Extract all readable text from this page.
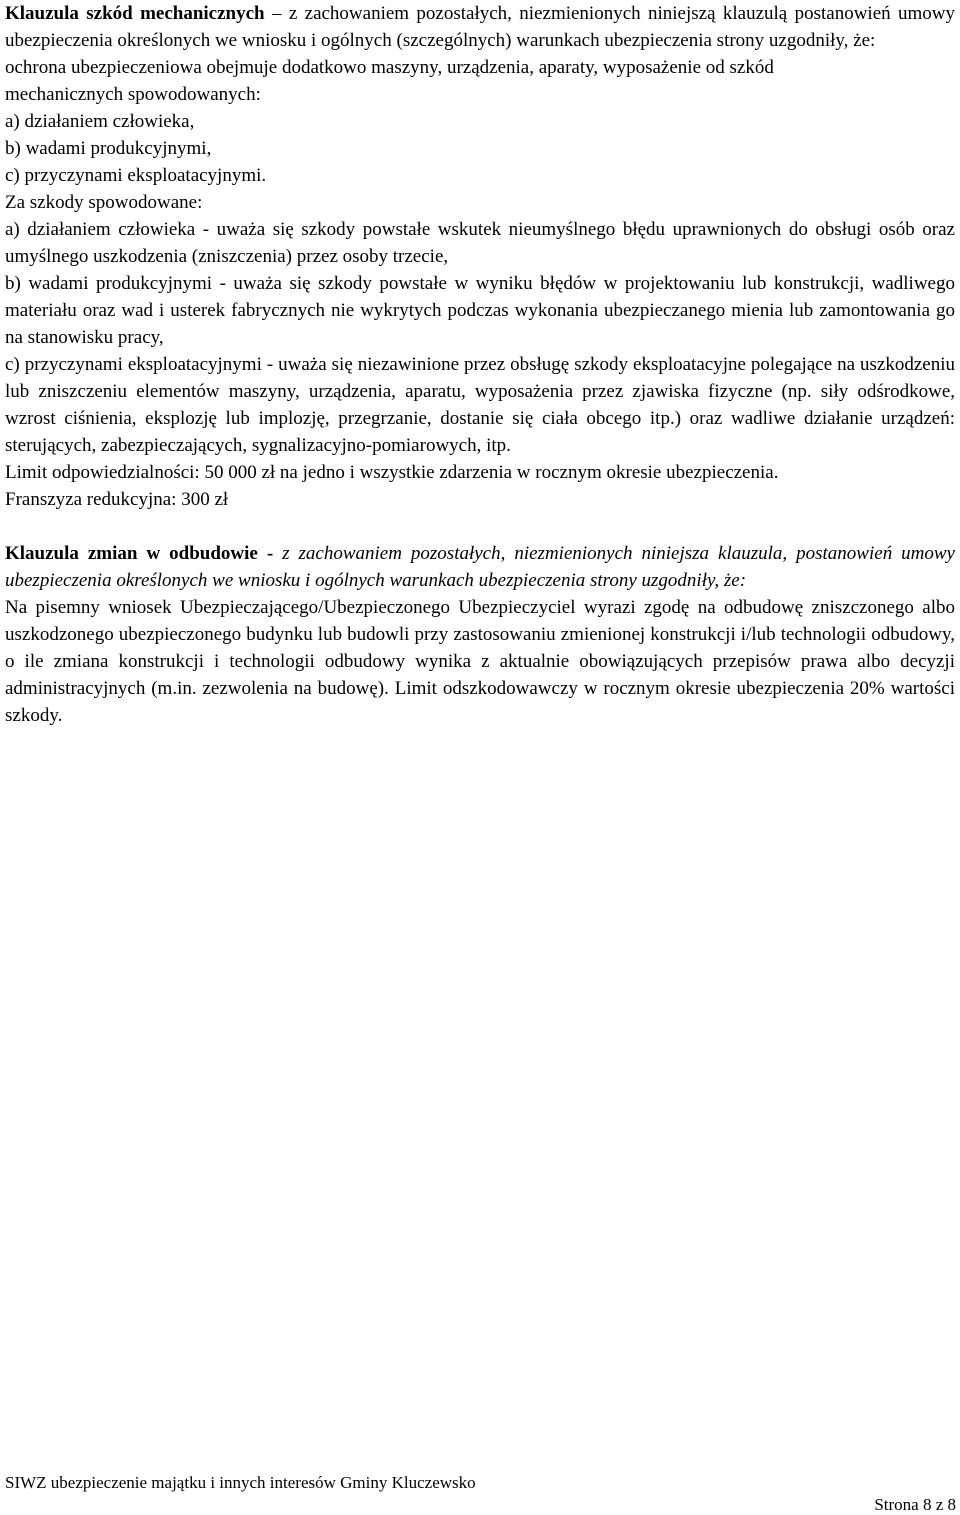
Klauzula szkód mechanicznych – z zachowaniem pozostałych, niezmienionych niniejszą klauzulą postanowień umowy ubezpieczenia określonych we wniosku i ogólnych (szczególnych) warunkach ubezpieczenia strony uzgodniły, że:

ochrona ubezpieczeniowa obejmuje dodatkowo maszyny, urządzenia, aparaty, wyposażenie od szkód mechanicznych spowodowanych:

a) działaniem człowieka,

b) wadami produkcyjnymi,

c) przyczynami eksploatacyjnymi.

Za szkody spowodowane:

a) działaniem człowieka - uważa się szkody powstałe wskutek nieumyślnego błędu uprawnionych do obsługi osób oraz umyślnego uszkodzenia (zniszczenia) przez osoby trzecie,

b) wadami produkcyjnymi - uważa się szkody powstałe w wyniku błędów w projektowaniu lub konstrukcji, wadliwego materiału oraz wad i usterek fabrycznych nie wykrytych podczas wykonania ubezpieczanego mienia lub zamontowania go na stanowisku pracy,

c) przyczynami eksploatacyjnymi - uważa się niezawinione przez obsługę szkody eksploatacyjne polegające na uszkodzeniu lub zniszczeniu elementów maszyny, urządzenia, aparatu, wyposażenia przez zjawiska fizyczne (np. siły odśrodkowe, wzrost ciśnienia, eksplozję lub implozję, przegrzanie, dostanie się ciała obcego itp.) oraz wadliwe działanie urządzeń: sterujących, zabezpieczających, sygnalizacyjno-pomiarowych, itp.

Limit odpowiedzialności: 50 000 zł na jedno i wszystkie zdarzenia w rocznym okresie ubezpieczenia.

Franszyza redukcyjna: 300 zł

Klauzula zmian w odbudowie - z zachowaniem pozostałych, niezmienionych niniejsza klauzula, postanowień umowy ubezpieczenia określonych we wniosku i ogólnych warunkach ubezpieczenia strony uzgodniły, że:

Na pisemny wniosek Ubezpieczającego/Ubezpieczonego Ubezpieczyciel wyrazi zgodę na odbudowę zniszczonego albo uszkodzonego ubezpieczonego budynku lub budowli przy zastosowaniu zmienionej konstrukcji i/lub technologii odbudowy, o ile zmiana konstrukcji i technologii odbudowy wynika z aktualnie obowiązujących przepisów prawa albo decyzji administracyjnych (m.in. zezwolenia na budowę). Limit odszkodowawczy w rocznym okresie ubezpieczenia 20% wartości szkody.

SIWZ ubezpieczenie majątku i innych interesów Gminy Kluczewsko
Strona 8 z 8
